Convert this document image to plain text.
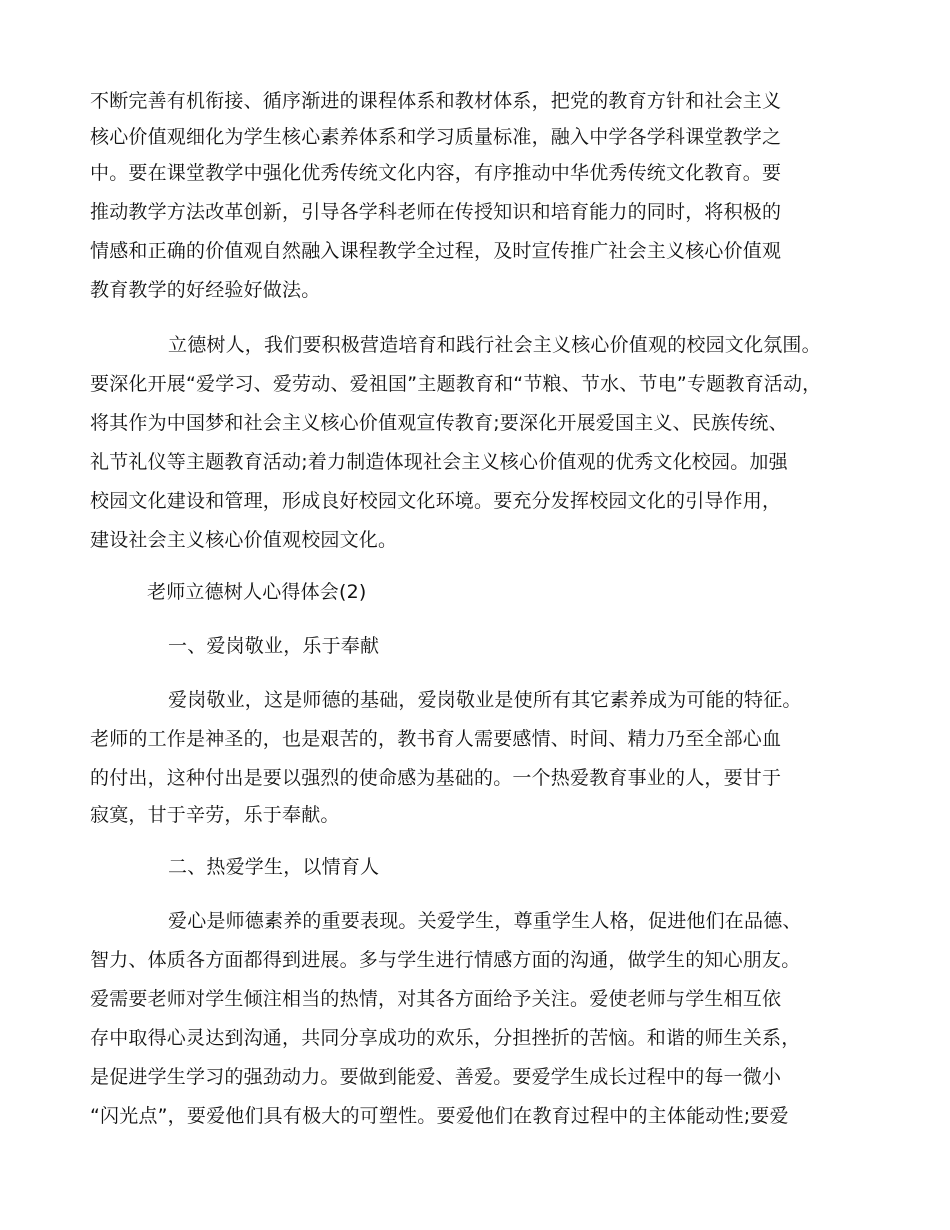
不断完善有机衔接、循序渐进的课程体系和教材体系，把党的教育方针和社会主义
核心价值观细化为学生核心素养体系和学习质量标准，融入中学各学科课堂教学之
中。要在课堂教学中强化优秀传统文化内容，有序推动中华优秀传统文化教育。要
推动教学方法改革创新，引导各学科老师在传授知识和培育能力的同时，将积极的
情感和正确的价值观自然融入课程教学全过程，及时宣传推广社会主义核心价值观
教育教学的好经验好做法。
立德树人，我们要积极营造培育和践行社会主义核心价值观的校园文化氛围。
要深化开展“爱学习、爱劳动、爱祖国”主题教育和“节粮、节水、节电”专题教育活动，
将其作为中国梦和社会主义核心价值观宣传教育;要深化开展爱国主义、民族传统、
礼节礼仪等主题教育活动;着力制造体现社会主义核心价值观的优秀文化校园。加强
校园文化建设和管理，形成良好校园文化环境。要充分发挥校园文化的引导作用，
建设社会主义核心价值观校园文化。
老师立德树人心得体会(2)
一、爱岗敬业，乐于奉献
爱岗敬业，这是师德的基础，爱岗敬业是使所有其它素养成为可能的特征。
老师的工作是神圣的，也是艰苦的，教书育人需要感情、时间、精力乃至全部心血
的付出，这种付出是要以强烈的使命感为基础的。一个热爱教育事业的人，要甘于
寂寞，甘于辛劳，乐于奉献。
二、热爱学生，以情育人
爱心是师德素养的重要表现。关爱学生，尊重学生人格，促进他们在品德、
智力、体质各方面都得到进展。多与学生进行情感方面的沟通，做学生的知心朋友。
爱需要老师对学生倾注相当的热情，对其各方面给予关注。爱使老师与学生相互依
存中取得心灵达到沟通，共同分享成功的欢乐，分担挫折的苦恼。和谐的师生关系，
是促进学生学习的强劲动力。要做到能爱、善爱。要爱学生成长过程中的每一微小
“闪光点”，要爱他们具有极大的可塑性。要爱他们在教育过程中的主体能动性;要爱
